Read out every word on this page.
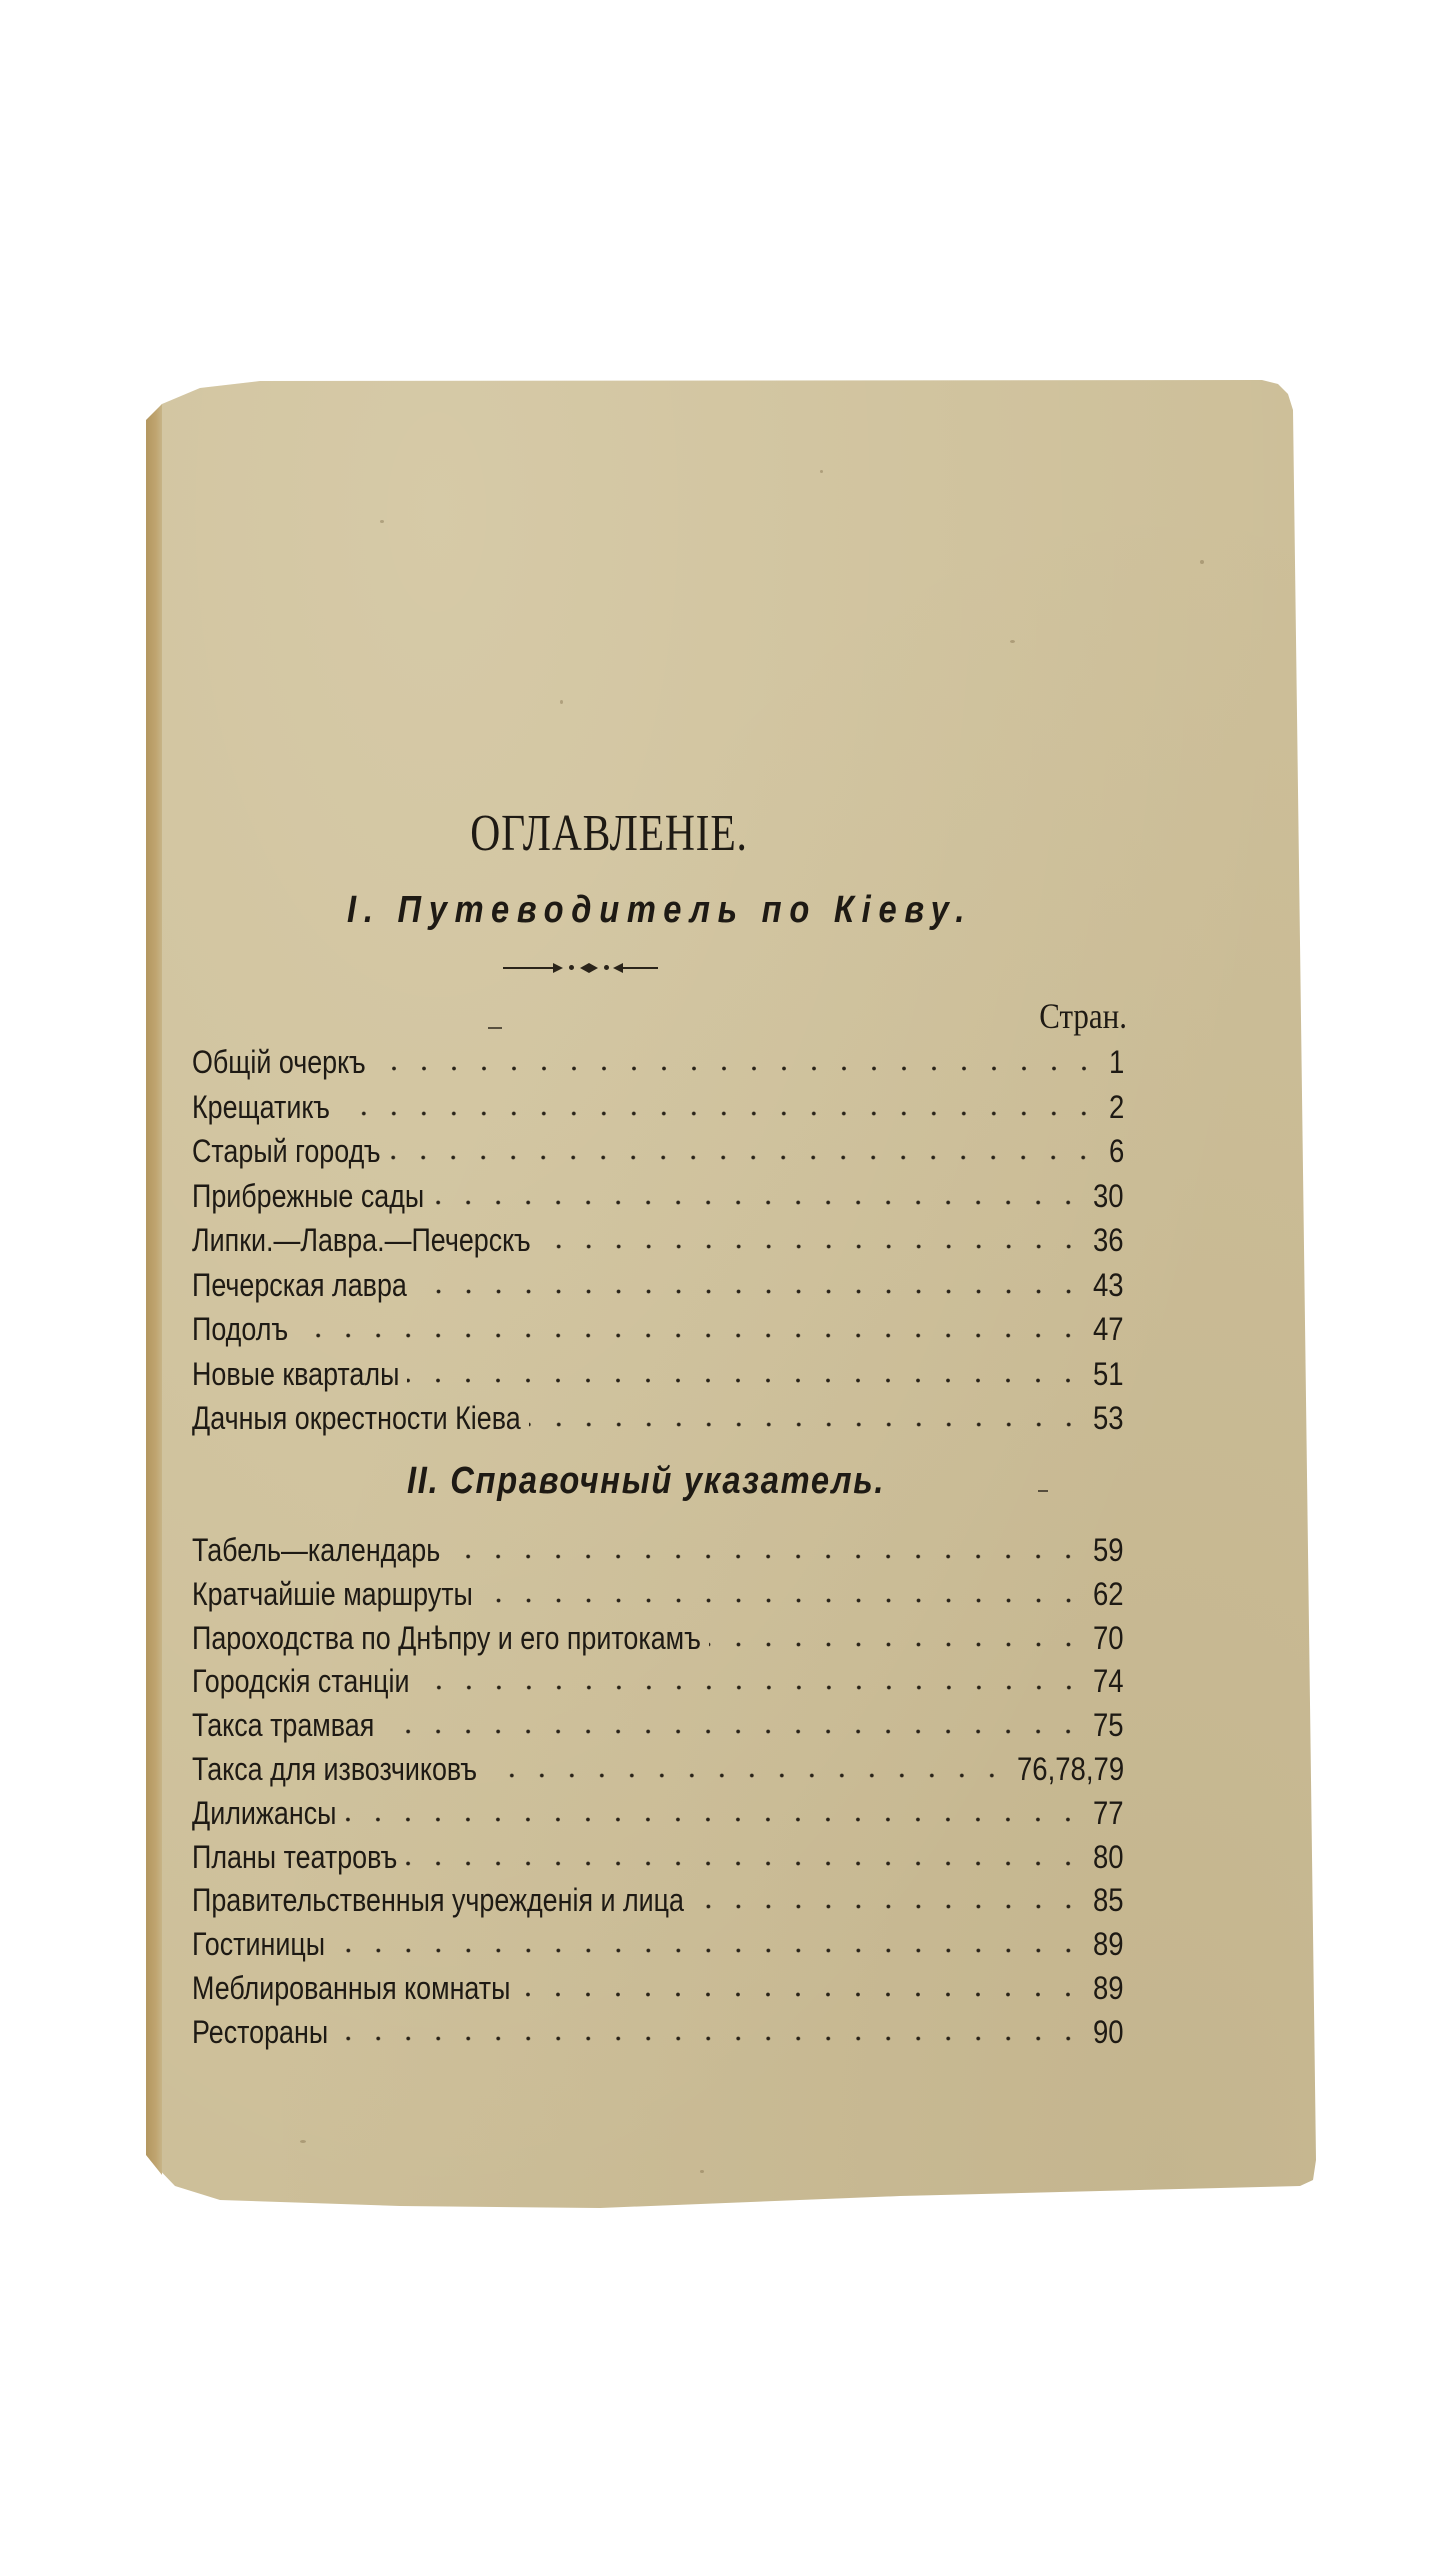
ОГЛАВЛЕНІЕ.
I. Путеводитель по Кіеву.
Стран.
Общій очеркъ	1
Крещатикъ	2
Старый городъ	6
Прибрежные сады	30
Липки.—Лавра.—Печерскъ	36
Печерская лавра	43
Подолъ	47
Новые кварталы	51
Дачныя окрестности Кіева	53
II. Справочный указатель.
Табель—календарь	59
Кратчайшіе маршруты	62
Пароходства по Днѣпру и его притокамъ	70
Городскія станціи	74
Такса трамвая	75
Такса для извозчиковъ	76,78,79
Дилижансы	77
Планы театровъ	80
Правительственныя учрежденія и лица	85
Гостиницы	89
Меблированныя комнаты	89
Рестораны	90
